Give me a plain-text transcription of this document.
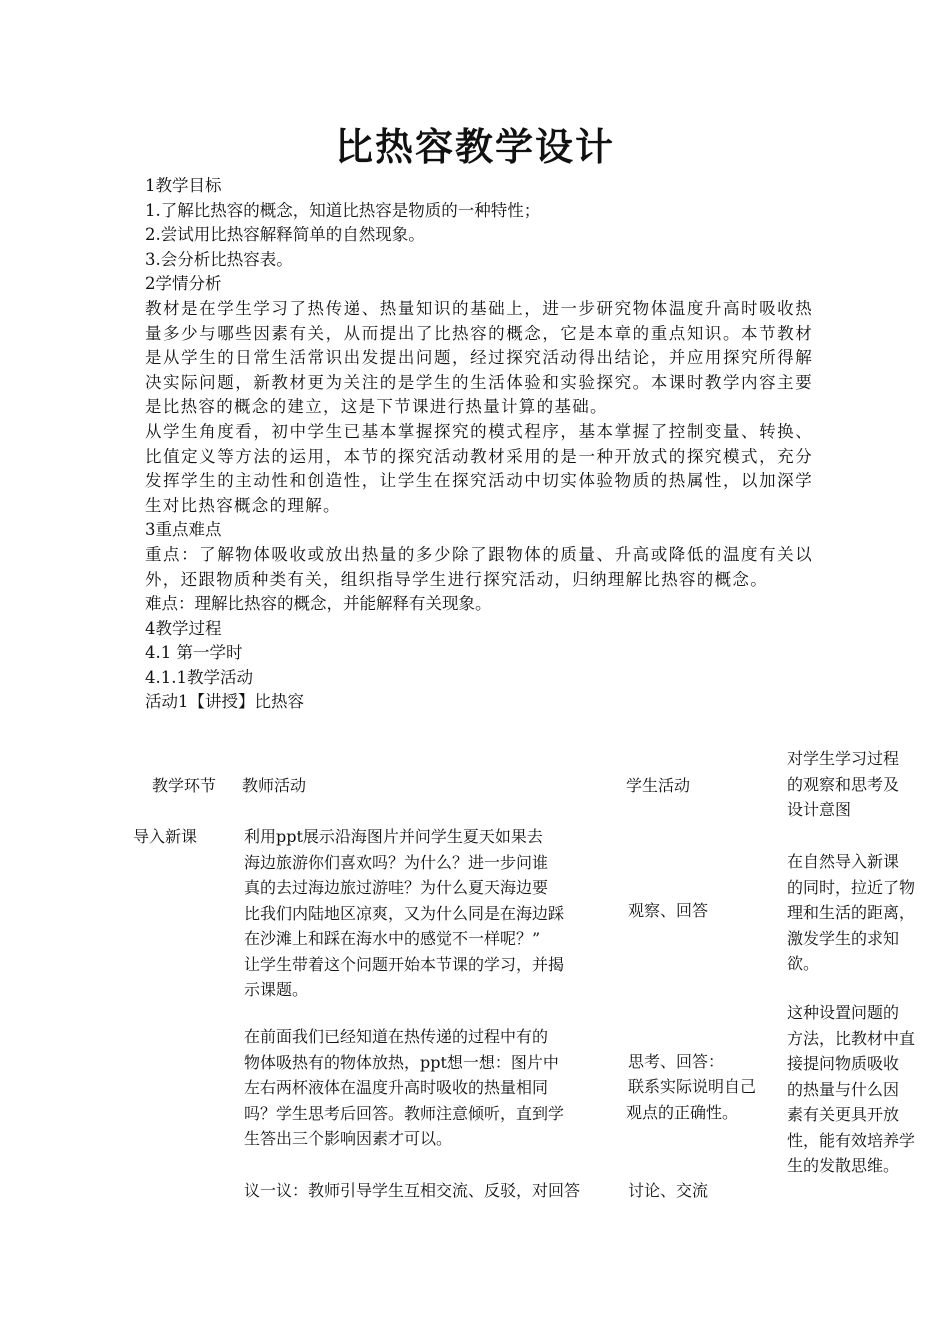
比热容教学设计

1教学目标

1.了解比热容的概念，知道比热容是物质的一种特性；

2.尝试用比热容解释简单的自然现象。

3.会分析比热容表。

2学情分析

教材是在学生学习了热传递、热量知识的基础上，进一步研究物体温度升高时吸收热量多少与哪些因素有关，从而提出了比热容的概念，它是本章的重点知识。本节教材是从学生的日常生活常识出发提出问题，经过探究活动得出结论，并应用探究所得解决实际问题，新教材更为关注的是学生的生活体验和实验探究。本课时教学内容主要是比热容的概念的建立，这是下节课进行热量计算的基础。

从学生角度看，初中学生已基本掌握探究的模式程序，基本掌握了控制变量、转换、比值定义等方法的运用，本节的探究活动教材采用的是一种开放式的探究模式，充分发挥学生的主动性和创造性，让学生在探究活动中切实体验物质的热属性，以加深学生对比热容概念的理解。

3重点难点

重点：了解物体吸收或放出热量的多少除了跟物体的质量、升高或降低的温度有关以外，还跟物质种类有关，组织指导学生进行探究活动，归纳理解比热容的概念。

难点：理解比热容的概念，并能解释有关现象。

4教学过程

4.1 第一学时

4.1.1教学活动

活动1【讲授】比热容

教学环节 教师活动	学生活动
对学生学习过程
的观察和思考及
设计意图
导入新课	利用ppt展示沿海图片并问学生夏天如果去
海边旅游你们喜欢吗？为什么？进一步问谁
真的去过海边旅过游哇？为什么夏天海边要
比我们内陆地区凉爽，又为什么同是在海边踩
在沙滩上和踩在海水中的感觉不一样呢？”
让学生带着这个问题开始本节课的学习，并揭
示课题。
在前面我们已经知道在热传递的过程中有的
物体吸热有的物体放热，ppt想一想：图片中
左右两杯液体在温度升高时吸收的热量相同
吗？学生思考后回答。教师注意倾听，直到学
生答出三个影响因素才可以。
议一议：教师引导学生互相交流、反驳，对回答
观察、回答
思考、回答：
联系实际说明自己
观点的正确性。
讨论、交流
在自然导入新课
的同时，拉近了物
理和生活的距离，
激发学生的求知
欲。
这种设置问题的
方法，比教材中直
接提问物质吸收
的热量与什么因
素有关更具开放
性，能有效培养学
生的发散思维。
